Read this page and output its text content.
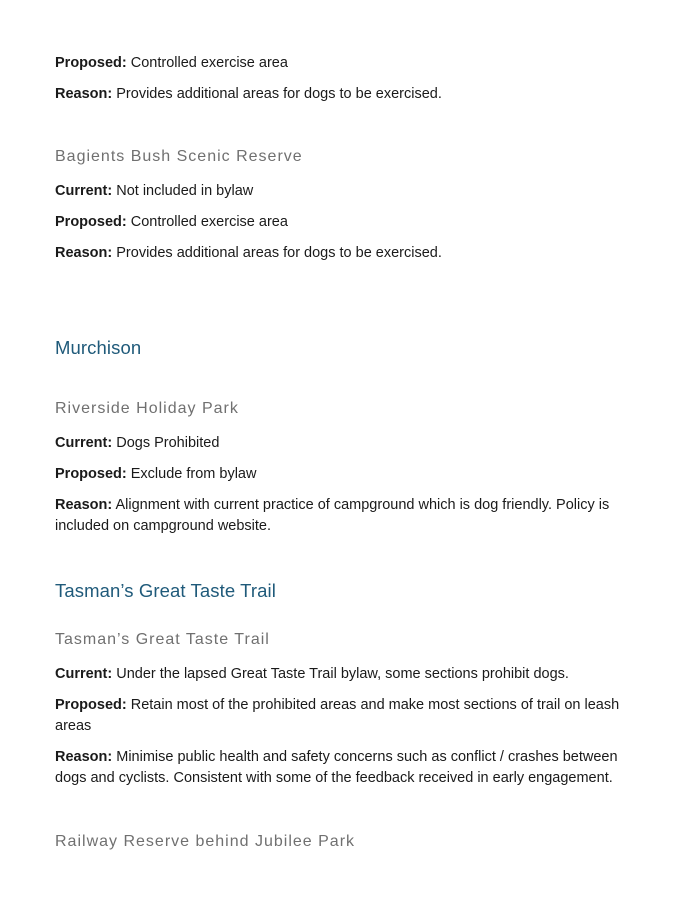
Proposed: Controlled exercise area

Reason: Provides additional areas for dogs to be exercised.

Bagients Bush Scenic Reserve

Current: Not included in bylaw

Proposed: Controlled exercise area

Reason: Provides additional areas for dogs to be exercised.

Murchison
Riverside Holiday Park

Current: Dogs Prohibited

Proposed: Exclude from bylaw

Reason: Alignment with current practice of campground which is dog friendly. Policy is included on campground website.

Tasman’s Great Taste Trail
Tasman’s Great Taste Trail

Current: Under the lapsed Great Taste Trail bylaw, some sections prohibit dogs.

Proposed: Retain most of the prohibited areas and make most sections of trail on leash areas

Reason: Minimise public health and safety concerns such as conflict / crashes between dogs and cyclists. Consistent with some of the feedback received in early engagement.

Railway Reserve behind Jubilee Park
